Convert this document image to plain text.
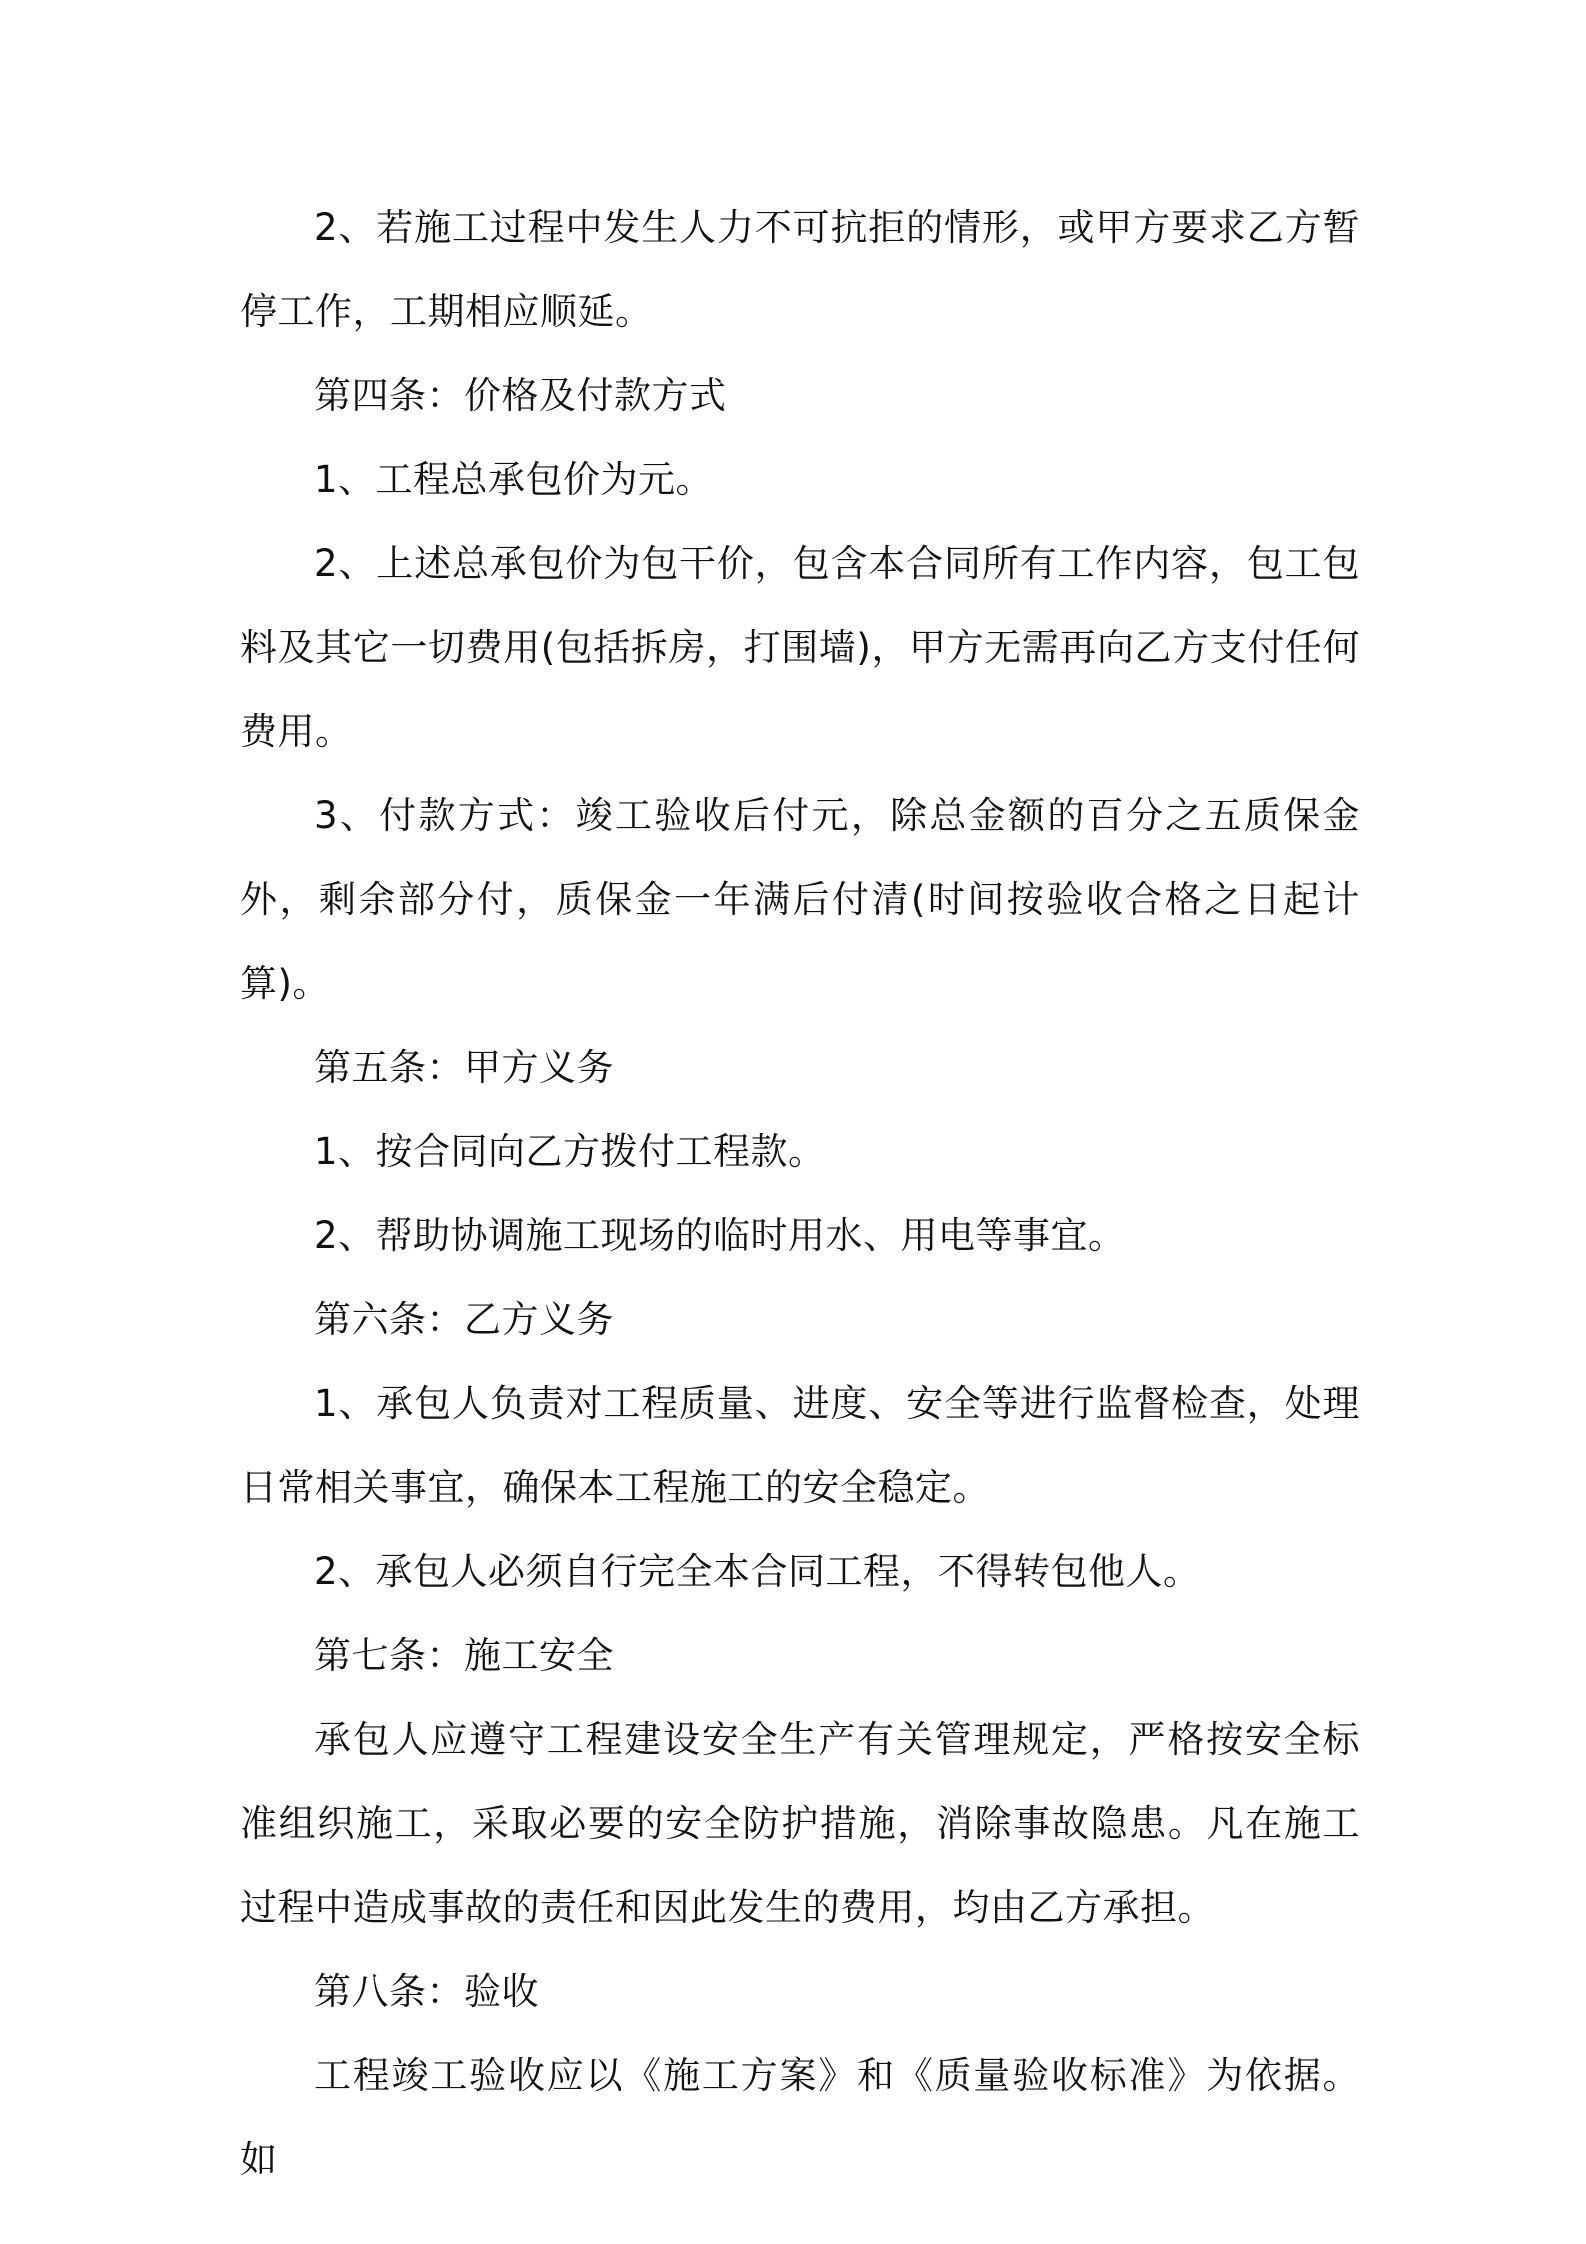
2、若施工过程中发生人力不可抗拒的情形，或甲方要求乙方暂停工作，工期相应顺延。

第四条：价格及付款方式

1、工程总承包价为元。

2、上述总承包价为包干价，包含本合同所有工作内容，包工包料及其它一切费用(包括拆房，打围墙)，甲方无需再向乙方支付任何费用。

3、付款方式：竣工验收后付元，除总金额的百分之五质保金外，剩余部分付，质保金一年满后付清(时间按验收合格之日起计算)。

第五条：甲方义务

1、按合同向乙方拨付工程款。

2、帮助协调施工现场的临时用水、用电等事宜。

第六条：乙方义务

1、承包人负责对工程质量、进度、安全等进行监督检查，处理日常相关事宜，确保本工程施工的安全稳定。

2、承包人必须自行完全本合同工程，不得转包他人。

第七条：施工安全

承包人应遵守工程建设安全生产有关管理规定，严格按安全标准组织施工，采取必要的安全防护措施，消除事故隐患。凡在施工过程中造成事故的责任和因此发生的费用，均由乙方承担。

第八条：验收

工程竣工验收应以《施工方案》和《质量验收标准》为依据。如
